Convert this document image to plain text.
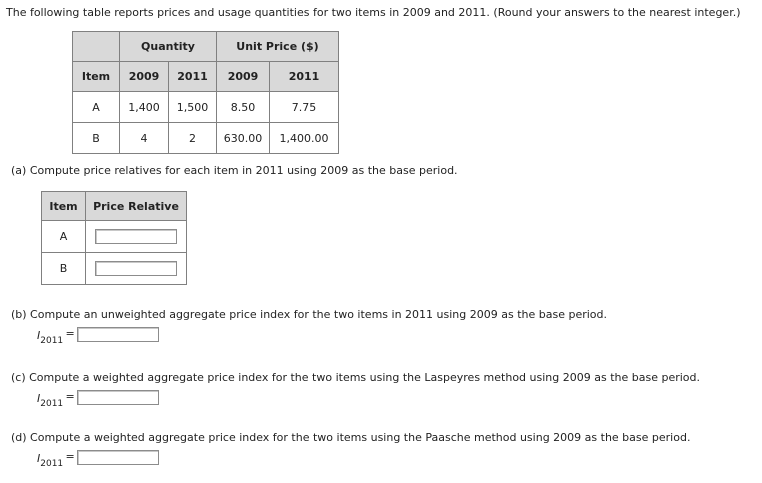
The following table reports prices and usage quantities for two items in 2009 and 2011. (Round your answers to the nearest integer.)
	Quantity		Unit Price ($)	
Item	2009	2011	2009	2011
A	1,400	1,500	8.50	7.75
B	4	2	630.00	1,400.00
(a) Compute price relatives for each item in 2011 using 2009 as the base period.
Item	Price Relative
A	
B	
(b) Compute an unweighted aggregate price index for the two items in 2011 using 2009 as the base period.
$I_{2011}=$
(c) Compute a weighted aggregate price index for the two items using the Laspeyres method using 2009 as the base period.
$I_{2011}=$
(d) Compute a weighted aggregate price index for the two items using the Paasche method using 2009 as the base period.
$I_{2011}=$
